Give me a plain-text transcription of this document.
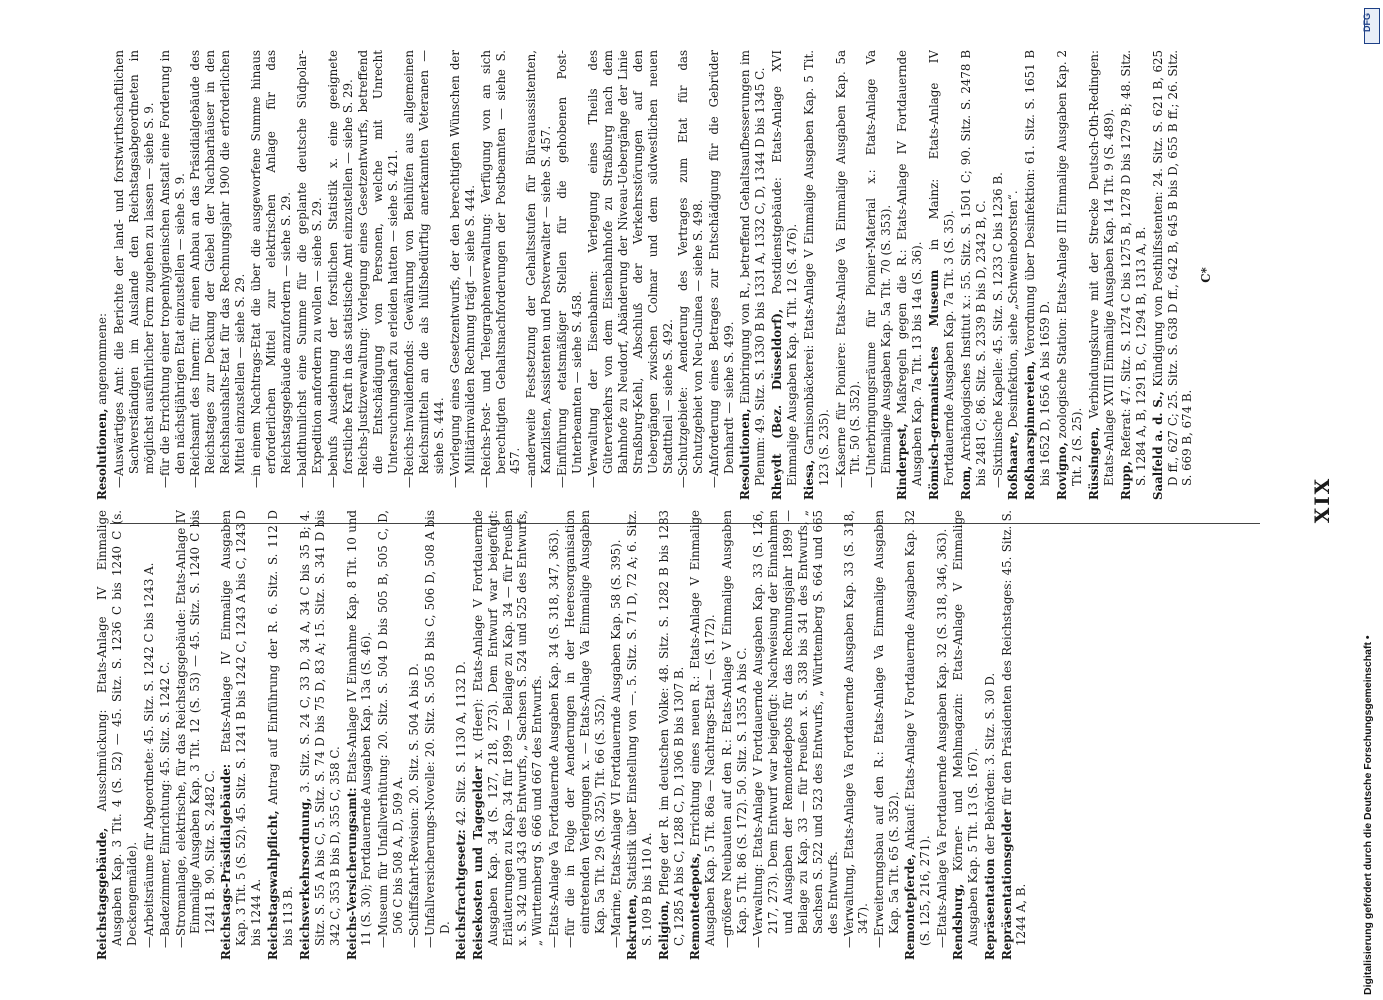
XIX
Reichstagsgebäude, Ausschmückung: Etats-Anlage IV Einmalige Ausgaben Kap. 3 Tit. 4 (S. 52) — 45. Sitz. S. 1236 C bis 1240 C (s. Deckengemälde). —Arbeitsräume für Abgeordnete: 45. Sitz. S. 1242 C bis 1243 A.
—Badezimmer, Einrichtung: 45. Sitz. S. 1242 C.
—Stromanlage, elektrische, für das Reichstagsgebäude: Etats-Anlage IV Einmalige Ausgaben Kap. 3 Tit. 12 (S. 53) — 45. Sitz. S. 1240 C bis 1241 B. 90. Sitz. S. 2482 C. Reichstags-Präsidialgebäude: Etats-Anlage IV Einmalige Ausgaben Kap. 3 Tit. 5 (S. 52). 45. Sitz. S. 1241 B bis 1242 C, 1243 A bis C, 1243 D bis 1244 A. Reichstagswahlpflicht, Antrag auf Einführung der R. 6. Sitz. S. 112 D bis 113 B. Reichsverkehrsordnung, 3. Sitz. S. 24 C, 33 D, 34 A, 34 C bis 35 B; 4. Sitz. S. 55 A bis C, 5. Sitz. S. 74 D bis 75 D, 83 A; 15. Sitz. S. 341 D bis 342 C, 353 B bis D, 355 C, 358 C. Reichs-Versicherungsamt: Etats-Anlage IV Einnahme Kap. 8 Tit. 10 und 11 (S. 30); Fortdauernde Ausgaben Kap. 13a (S. 46). —Museum für Unfallverhütung: 20. Sitz. S. 504 D bis 505 B, 505 C, D, 506 C bis 508 A, D, 509 A.
—Schiffsfahrt-Revision: 20. Sitz. S. 504 A bis D.
—Unfallversicherungs-Novelle: 20. Sitz. S. 505 B bis C, 506 D, 508 A bis D. Reichsfrachtgesetz: 42. Sitz. S. 1130 A, 1132 D.
Reisekosten und Tagegelder x. (Heer): Etats-Anlage V Fortdauernde Ausgaben Kap. 34 (S. 127, 218, 273). Dem Entwurf war beigefügt: Erläuterungen zu Kap. 34 für 1899 — Beilage zu Kap. 34 — für Preußen x. S. 342 und 343 des Entwurfs, „ Sachsen S. 524 und 525 des Entwurfs, „ Württemberg S. 666 und 667 des Entwurfs. —Etats-Anlage Va Fortdauernde Ausgaben Kap. 34 (S. 318, 347, 363).
—für die in Folge der Aenderungen in der Heeresorganisation eintretenden Verlegungen x. — Etats-Anlage Va Einmalige Ausgaben Kap. 5a Tit. 29 (S. 325), Tit. 66 (S. 352).
—Marine, Etats-Anlage VI Fortdauernde Ausgaben Kap. 58 (S. 395). Rekruten, Statistik über Einstellung von —. 5. Sitz. S. 71 D, 72 A; 6. Sitz. S. 109 B bis 110 A. Religion, Pflege der R. im deutschen Volke: 48. Sitz. S. 1282 B bis 1283 C, 1285 A bis C, 1288 C, D, 1306 B bis 1307 B. Remontedepots, Errichtung eines neuen R.: Etats-Anlage V Einmalige Ausgaben Kap. 5 Tit. 86a — Nachtrags-Etat — (S. 172). —größere Neubauten auf den R.: Etats-Anlage V Einmalige Ausgaben Kap. 5 Tit. 86 (S. 172). 50. Sitz. S. 1355 A bis C.
—Verwaltung: Etats-Anlage V Fortdauernde Ausgaben Kap. 33 (S. 126, 217, 273). Dem Entwurf war beigefügt: Nachweisung der Einnahmen und Ausgaben der Remontedepots für das Rechnungsjahr 1899 — Beilage zu Kap. 33 — für Preußen x. S. 338 bis 341 des Entwurfs, „ Sachsen S. 522 und 523 des Entwurfs, „ Württemberg S. 664 und 665 des Entwurfs.
—Verwaltung, Etats-Anlage Va Fortdauernde Ausgaben Kap. 33 (S. 318, 347).
—Erweiterungsbau auf den R.: Etats-Anlage Va Einmalige Ausgaben Kap. 5a Tit. 65 (S. 352). Remontepferde, Ankauf: Etats-Anlage V Fortdauernde Ausgaben Kap. 32 (S. 125, 216, 271). —Etats-Anlage Va Fortdauernde Ausgaben Kap. 32 (S. 318, 346, 363). Rendsburg, Körner- und Mehlmagazin: Etats-Anlage V Einmalige Ausgaben Kap. 5 Tit. 13 (S. 167). Repräsentation der Behörden: 3. Sitz. S. 30 D.
Repräsentationsgelder für den Präsidenten des Reichstages: 45. Sitz. S. 1244 A, B.
Resolutionen, angenommene:
—Auswärtiges Amt: die Berichte der land- und forstwirthschaftlichen Sachverständigen im Auslande den Reichstagsabgeordneten in möglichst ausführlicher Form zugehen zu lassen — siehe S. 9.
—für die Errichtung einer tropenhygienischen Anstalt eine Forderung in den nächstjährigen Etat einzustellen — siehe S. 9.
—Reichsamt des Innern: für einen Anbau an das Präsidialgebäude des Reichstages zur Deckung der Giebel der Nachbarhäuser in den Reichshaushalts-Etat für das Rechnungsjahr 1900 die erforderlichen Mittel einzustellen — siehe S. 29.
—in einem Nachtrags-Etat die über die ausgeworfene Summe hinaus erforderlichen Mittel zur elektrischen Anlage für das Reichstagsgebäude anzufordern — siehe S. 29.
—baldthunlichst eine Summe für die geplante deutsche Südpolar-Expedition anfordern zu wollen — siehe S. 29.
—behufs Ausdehnung der forstlichen Statistik x. eine geeignete forstliche Kraft in das statistische Amt einzustellen — siehe S. 29.
—Reichs-Justizverwaltung: Vorlegung eines Gesetzentwurfs, betreffend die Entschädigung von Personen, welche mit Unrecht Untersuchungshaft zu erleiden hatten — siehe S. 421.
—Reichs-Invalidenfonds: Gewährung von Beihülfen aus allgemeinen Reichsmitteln an die als hülfsbedürftig anerkannten Veteranen — siehe S. 444.
—Vorlegung eines Gesetzentwurfs, der den berechtigten Wünschen der Militärinvaliden Rechnung trägt — siehe S. 444.
—Reichs-Post- und Telegraphenverwaltung: Verfügung von an sich berechtigten Gehaltsnachforderungen der Postbeamten — siehe S. 457.
—anderweite Festsetzung der Gehaltsstufen für Büreauassistenten, Kanzlisten, Assistenten und Postverwalter — siehe S. 457.
—Einführung etatsmäßiger Stellen für die gehobenen Post-Unterbeamten — siehe S. 458.
—Verwaltung der Eisenbahnen: Verlegung eines Theils des Güterverkehrs von dem Eisenbahnhofe zu Straßburg nach dem Bahnhofe zu Neudorf, Abänderung der Niveau-Uebergänge der Linie Straßburg-Kehl, Abschluß der Verkehrsstörungen auf den Uebergängen zwischen Colmar und dem südwestlichen neuen Stadttheil — siehe S. 492.
—Schutzgebiete: Aenderung des Vertrages zum Etat für das Schutzgebiet von Neu-Guinea — siehe S. 498.
—Anforderung eines Betrages zur Entschädigung für die Gebrüder Denhardt — siehe S. 499. Resolutionen, Einbringung von R., betreffend Gehaltsaufbesserungen im Plenum: 49. Sitz. S. 1330 B bis 1331 A, 1332 C, D, 1344 D bis 1345 C. Rheydt (Bez. Düsseldorf), Postdienstgebäude: Etats-Anlage XVI Einmalige Ausgaben Kap. 4 Tit. 12 (S. 476). Riesa, Garnisonbäckerei: Etats-Anlage V Einmalige Ausgaben Kap. 5 Tit. 123 (S. 235). —Kaserne für Pioniere: Etats-Anlage Va Einmalige Ausgaben Kap. 5a Tit. 50 (S. 352).
—Unterbringungsräume für Pionier-Material x.: Etats-Anlage Va Einmalige Ausgaben Kap. 5a Tit. 70 (S. 353). Rinderpest, Maßregeln gegen die R.: Etats-Anlage IV Fortdauernde Ausgaben Kap. 7a Tit. 13 bis 14a (S. 36). Römisch-germanisches Museum in Mainz: Etats-Anlage IV Fortdauernde Ausgaben Kap. 7a Tit. 3 (S. 35). Rom, Archäologisches Institut x.: 55. Sitz. S. 1501 C; 90. Sitz. S. 2478 B bis 2481 C; 86. Sitz. S. 2339 B bis D, 2342 B, C. —Sixtinische Kapelle: 45. Sitz. S. 1233 C bis 1236 B. Roßhaare, Desinfektion, siehe „Schweineborsten“. Roßhaarspinnereien, Verordnung über Desinfektion: 61. Sitz. S. 1651 B bis 1652 D, 1656 A bis 1659 D. Rovigno, zoologische Station: Etats-Anlage III Einmalige Ausgaben Kap. 2 Tit. 2 (S. 25). Rüssingen, Verbindungskurve mit der Strecke Deutsch-Oth-Redingen: Etats-Anlage XVIII Einmalige Ausgaben Kap. 14 Tit. 9 (S. 489). Rupp, Referat: 47. Sitz. S. 1274 C bis 1275 B, 1278 D bis 1279 B; 48. Sitz. S. 1284 A, B, 1291 B, C, 1294 B, 1313 A, B. Saalfeld a. d. S., Kündigung von Posthilfsstenten: 24. Sitz. S. 621 B, 625 D ff., 627 C; 25. Sitz. S. 638 D ff., 642 B, 645 B bis D, 655 B ff.; 26. Sitz. S. 669 B, 674 B.
C*
DFG
Digitalisierung gefördert durch die Deutsche Forschungsgemeinschaft •
